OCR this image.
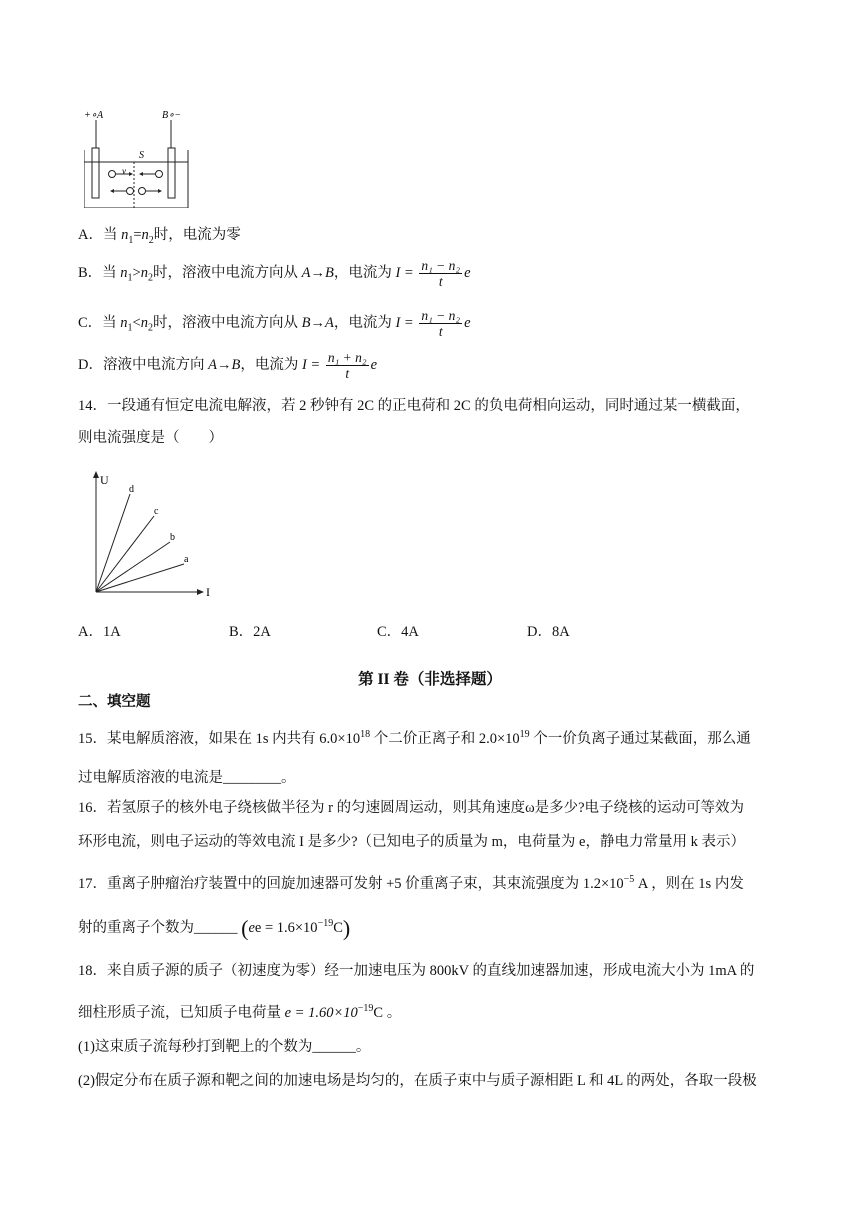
+∘A	B∘−
S
v
A．当 $n_1=n_2$时，电流为零
B．当 $n_1>n_2$时，溶液中电流方向从 A→B，电流为 $I = \frac{\text{n₁ − n₂}}{t}$ e
C．当 $n_1<n_2$时，溶液中电流方向从 B→A，电流为 $I = \frac{\text{n₁ − n₂}}{t}$ e
D．溶液中电流方向 A→B，电流为 $I = \frac{\text{n₁ + n₂}}{t}$ e
14．一段通有恒定电流电解液，若 2 秒钟有 2C 的正电荷和 2C 的负电荷相向运动，同时通过某一横截面，
则电流强度是（　　）
U
I
d
c
b
a
A．1A	B．2A	C．4A	D．8A
第 II 卷（非选择题）
二、填空题
15．某电解质溶液，如果在 1s 内共有 $6.0\times 10^{18}$ 个二价正离子和 $2.0\times 10^{19}$ 个一价负离子通过某截面，那么通
过电解质溶液的电流是________。
16．若氢原子的核外电子绕核做半径为 r 的匀速圆周运动，则其角速度ω是多少?电子绕核的运动可等效为
环形电流，则电子运动的等效电流 I 是多少?（已知电子的质量为 m，电荷量为 e，静电力常量用 k 表示）
17．重离子肿瘤治疗装置中的回旋加速器可发射 +5 价重离子束，其束流强度为 $1.2\times 10^{-5}$ A ，则在 1s 内发
射的重离子个数为______ $(ee = 1.6\times 10^{-19}C)$
18．来自质子源的质子（初速度为零）经一加速电压为 800kV 的直线加速器加速，形成电流大小为 1mA 的
细柱形质子流，已知质子电荷量 $e = 1.60\times 10^{-19}C$ 。
(1)这束质子流每秒打到靶上的个数为______。
(2)假定分布在质子源和靶之间的加速电场是均匀的，在质子束中与质子源相距 L 和 4L 的两处，各取一段极
